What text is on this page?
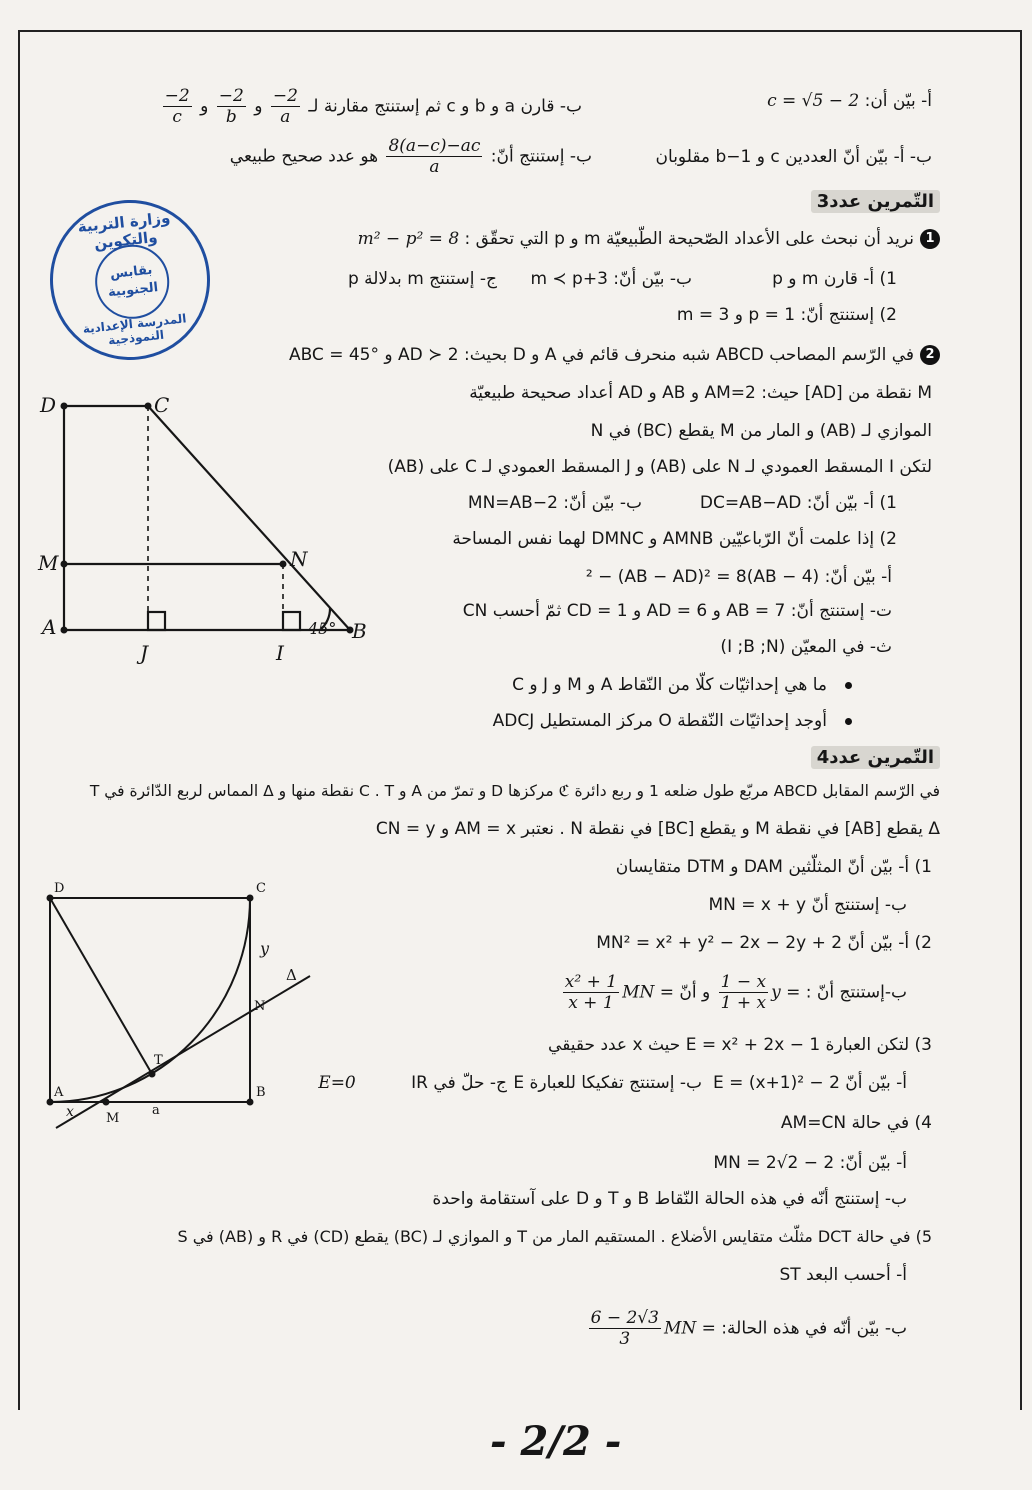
ب- قارن a و b و c ثم إستنتج مقارنة لـ
$\frac{-2}{a}$
و
$\frac{-2}{b}$
و
$\frac{-2}{c}$	أ- بيّن أن: c = √5 − 2
ب- أ- بيّن أنّ العددين c و b−1 مقلوبان
ب- إستنتج أنّ:
$\frac{8(a-c)-ac}{a}$
هو عدد صحيح طبيعي
التّمرين عدد3
1نريد أن نبحث على الأعداد الصّحيحة الطّبيعيّة m و p التي تحقّق : m² − p² = 8
1) أ- قارن m و p
ب- بيّن أنّ: m ≺ p+3
ج- إستنتج m بدلالة p
2) إستنتج أنّ: p = 1 و m = 3
2في الرّسم المصاحب ABCD شبه منحرف قائم في A و D بحيث: AD ≻ 2 و ABC = 45°
M نقطة من [AD] حيث: AM=2 و AB و AD أعداد صحيحة طبيعيّة
الموازي لـ (AB) و المار من M يقطع (BC) في N
لتكن I المسقط العمودي لـ N على (AB) و J المسقط العمودي لـ C على (AB)
1) أ- بيّن أنّ: DC=AB−AD
ب- بيّن أنّ: MN=AB−2
2) إذا علمت أنّ الرّباعيّين AMNB و DMNC لهما نفس المساحة
أ- بيّن أنّ: (AB − 4)² − (AB − AD)² = 8
ت- إستنتج أنّ: AB = 7 و AD = 6 و CD = 1 ثمّ أحسب CN
ث- في المعيّن (I ;B ;N)
ما هي إحداثيّات كلّا من النّقاط A و M و J و C
أوجد إحداثيّات النّقطة O مركز المستطيل ADCJ
التّمرين عدد4
في الرّسم المقابل ABCD مربّع طول ضلعه 1 و ربع دائرة ℭ مركزها D و تمرّ من A و C . T نقطة منها و Δ المماس لربع الدّائرة في T
Δ يقطع [AB] في نقطة M و يقطع [BC] في نقطة N . نعتبر AM = x و CN = y
1) أ- بيّن أنّ المثلّثين DAM و DTM متقايسان
ب- إستنتج أنّ MN = x + y
2) أ- بيّن أنّ MN² = x² + y² − 2x − 2y + 2
ب-إستنتج أنّ : y =
$\frac{1 - x}{1 + x}$
و أنّ MN =
$\frac{\text{x² + 1}}{x + 1}$
3) لتكن العبارة E = x² + 2x − 1 حيث x عدد حقيقي
أ- بيّن أنّ E = (x+1)² − 2
ب- إستنتج تفكيكا للعبارة E
ج- حلّ في IR E=0
4) في حالة AM=CN
أ- بيّن أنّ: MN = 2√2 − 2
ب- إستنتج أنّه في هذه الحالة النّقاط B و T و D على آستقامة واحدة
5) في حالة DCT مثلّث متقايس الأضلاع . المستقيم المار من T و الموازي لـ (BC) يقطع (CD) في R و (AB) في S
أ- أحسب البعد ST
ب- بيّن أنّه في هذه الحالة: MN =
$\frac{6 - 2√3}{3}$
وزارة التربية والتكوين
بقابس الجنوبية
المدرسة الإعدادية النموذجية
D	C
M	N
A	B
J	I
45°
D	C
y
Δ
N
T
A	B
x M
a
- 2/2 -
